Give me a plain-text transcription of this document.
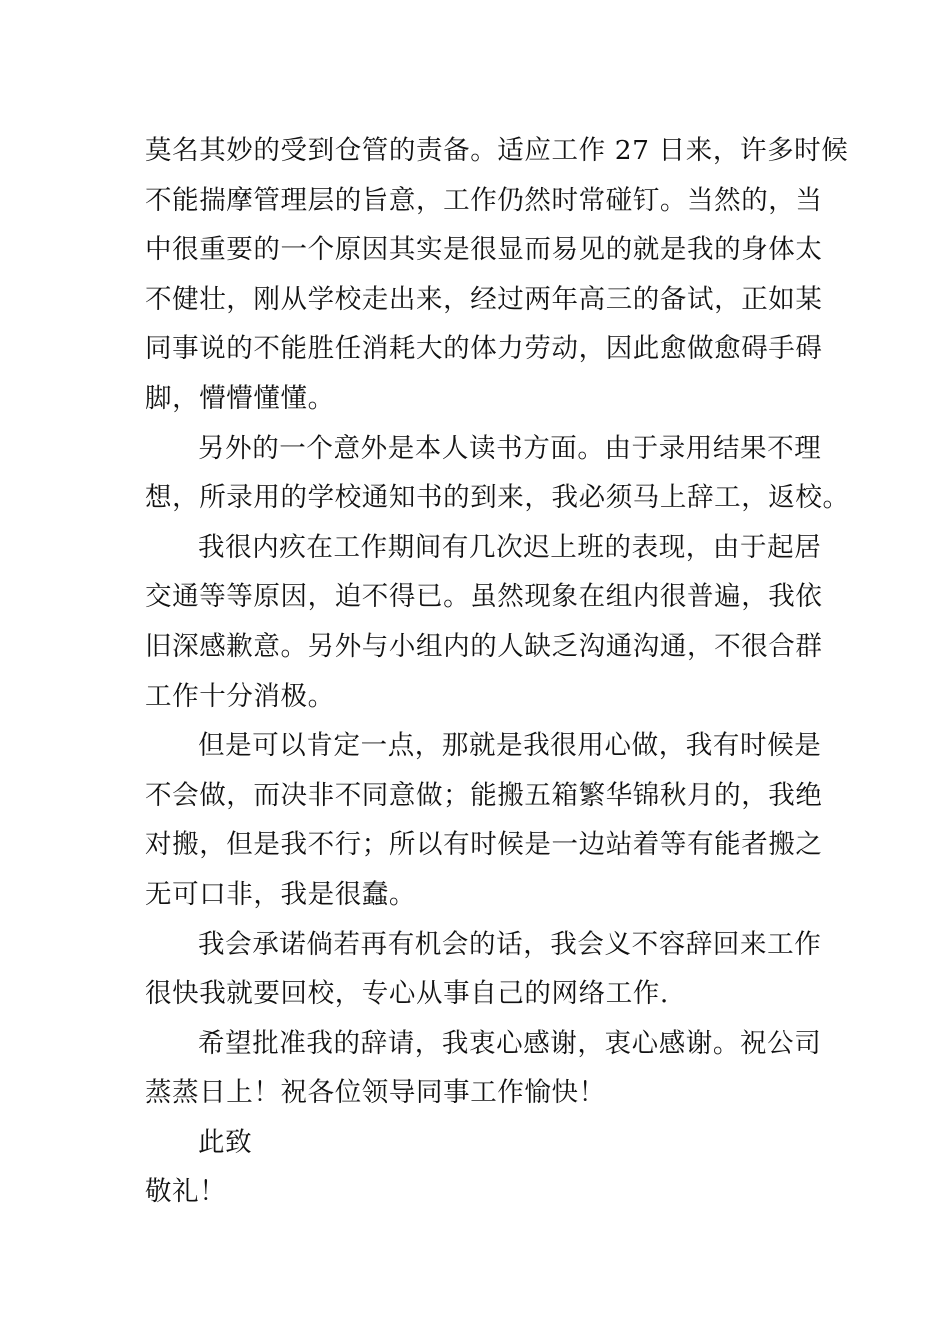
莫名其妙的受到仓管的责备。适应工作 27 日来，许多时候
不能揣摩管理层的旨意，工作仍然时常碰钉。当然的，当
中很重要的一个原因其实是很显而易见的就是我的身体太
不健壮，刚从学校走出来，经过两年高三的备试，正如某
同事说的不能胜任消耗大的体力劳动，因此愈做愈碍手碍
脚，懵懵懂懂。
另外的一个意外是本人读书方面。由于录用结果不理
想，所录用的学校通知书的到来，我必须马上辞工，返校。
我很内疚在工作期间有几次迟上班的表现，由于起居
交通等等原因，迫不得已。虽然现象在组内很普遍，我依
旧深感歉意。另外与小组内的人缺乏沟通沟通，不很合群
工作十分消极。
但是可以肯定一点，那就是我很用心做，我有时候是
不会做，而决非不同意做；能搬五箱繁华锦秋月的，我绝
对搬，但是我不行；所以有时候是一边站着等有能者搬之
无可口非，我是很蠢。
我会承诺倘若再有机会的话，我会义不容辞回来工作
很快我就要回校，专心从事自己的网络工作.
希望批准我的辞请，我衷心感谢，衷心感谢。祝公司
蒸蒸日上！祝各位领导同事工作愉快！
此致
敬礼！
